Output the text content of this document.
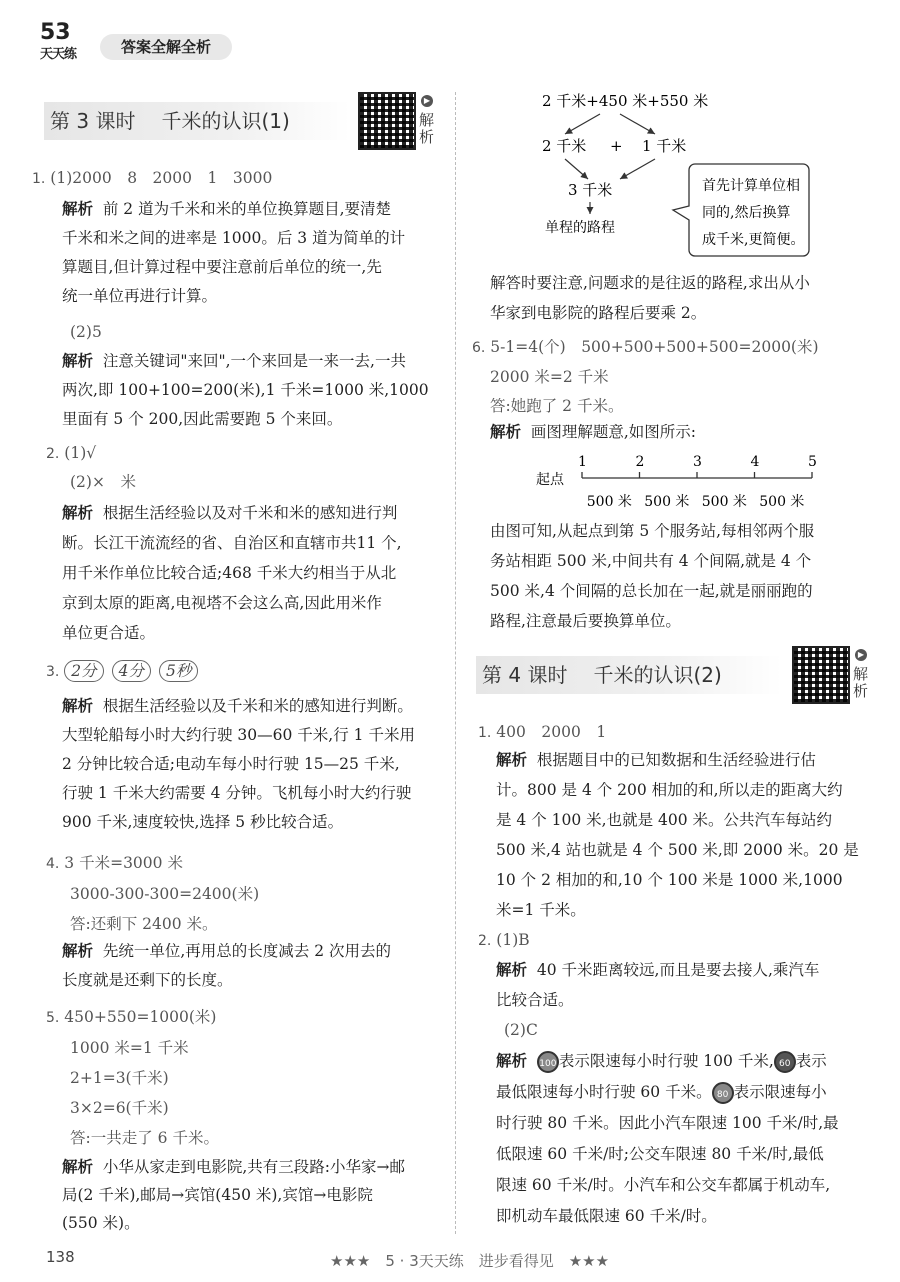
53
天天练	答案全解全析
第 3 课时 千米的认识(1)
▶
解析
1. (1)2000　8　2000　1　3000
解析 前 2 道为千米和米的单位换算题目,要清楚
千米和米之间的进率是 1000。后 3 道为简单的计
算题目,但计算过程中要注意前后单位的统一,先
统一单位再进行计算。
(2)5
解析 注意关键词"来回",一个来回是一来一去,一共
两次,即 100+100=200(米),1 千米=1000 米,1000
里面有 5 个 200,因此需要跑 5 个来回。
2. (1)√
(2)×　米
解析 根据生活经验以及对千米和米的感知进行判
断。长江干流流经的省、自治区和直辖市共11 个,
用千米作单位比较合适;468 千米大约相当于从北
京到太原的距离,电视塔不会这么高,因此用米作
单位更合适。
3. 2分 4分 5秒
解析 根据生活经验以及千米和米的感知进行判断。
大型轮船每小时大约行驶 30—60 千米,行 1 千米用
2 分钟比较合适;电动车每小时行驶 15—25 千米,
行驶 1 千米大约需要 4 分钟。飞机每小时大约行驶
900 千米,速度较快,选择 5 秒比较合适。
4. 3 千米=3000 米
3000-300-300=2400(米)
答:还剩下 2400 米。
解析 先统一单位,再用总的长度减去 2 次用去的
长度就是还剩下的长度。
5. 450+550=1000(米)
1000 米=1 千米
2+1=3(千米)
3×2=6(千米)
答:一共走了 6 千米。
解析 小华从家走到电影院,共有三段路:小华家→邮
局(2 千米),邮局→宾馆(450 米),宾馆→电影院
(550 米)。
2 千米+450 米+550 米
2 千米 + 1 千米
3 千米
单程的路程
首先计算单位相
同的,然后换算
成千米,更简便。
解答时要注意,问题求的是往返的路程,求出从小
华家到电影院的路程后要乘 2。
6. 5-1=4(个)　500+500+500+500=2000(米)
2000 米=2 千米
答:她跑了 2 千米。
解析 画图理解题意,如图所示:
起点
1	2	3	4	5
500 米 500 米 500 米 500 米
由图可知,从起点到第 5 个服务站,每相邻两个服
务站相距 500 米,中间共有 4 个间隔,就是 4 个
500 米,4 个间隔的总长加在一起,就是丽丽跑的
路程,注意最后要换算单位。
第 4 课时 千米的认识(2)
▶
解析
1. 400　2000　1
解析 根据题目中的已知数据和生活经验进行估
计。800 是 4 个 200 相加的和,所以走的距离大约
是 4 个 100 米,也就是 400 米。公共汽车每站约
500 米,4 站也就是 4 个 500 米,即 2000 米。20 是
10 个 2 相加的和,10 个 100 米是 1000 米,1000
米=1 千米。
2. (1)B
解析 40 千米距离较远,而且是要去接人,乘汽车
比较合适。
(2)C
解析 100 表示限速每小时行驶 100 千米, 60 表示
最低限速每小时行驶 60 千米。 80 表示限速每小
时行驶 80 千米。因此小汽车限速 100 千米/时,最
低限速 60 千米/时;公交车限速 80 千米/时,最低
限速 60 千米/时。小汽车和公交车都属于机动车,
即机动车最低限速 60 千米/时。
138	★★★　5 · 3天天练　进步看得见　★★★
